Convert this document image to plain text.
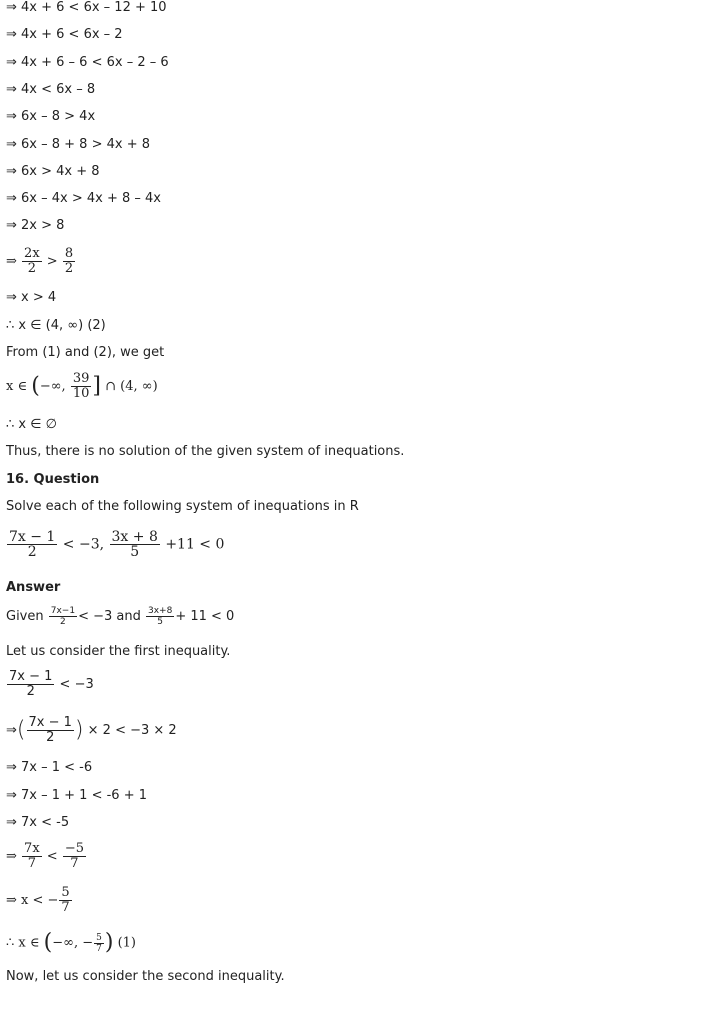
⇒ 4x + 6 < 6x – 12 + 10
⇒ 4x + 6 < 6x – 2
⇒ 4x + 6 – 6 < 6x – 2 – 6
⇒ 4x < 6x – 8
⇒ 6x – 8 > 4x
⇒ 6x – 8 + 8 > 4x + 8
⇒ 6x > 4x + 8
⇒ 6x – 4x > 4x + 8 – 4x
⇒ 2x > 8
⇒ $\frac{2x}{2} > \frac{8}{2}$
⇒ x > 4
∴ x ∈ (4, ∞) (2)
From (1) and (2), we get
x ∈ (−∞, $\frac{39}{10}$ ] ∩ (4, ∞)
∴ x ∈ ∅
Thus, there is no solution of the given system of inequations.
16. Question
Solve each of the following system of inequations in R
$\frac{7x - 1}{2} < -3$, $\frac{3x + 8}{5} +11 < 0$
Answer
Given $\frac{7x-1}{2} < -3$ and $\frac{3x+8}{5} + 11 < 0$
Let us consider the first inequality.
$\frac{7x - 1}{2} < -3$
⇒( $\frac{7x - 1}{2}$ ) × 2 < −3 × 2
⇒ 7x – 1 < -6
⇒ 7x – 1 + 1 < -6 + 1
⇒ 7x < -5
⇒ $\frac{7x}{7} < \frac{-5}{7}$
⇒ x < − $\frac{5}{7}$
∴ x ∈ (−∞, − $\frac{5}{7}$ ) (1)
Now, let us consider the second inequality.
